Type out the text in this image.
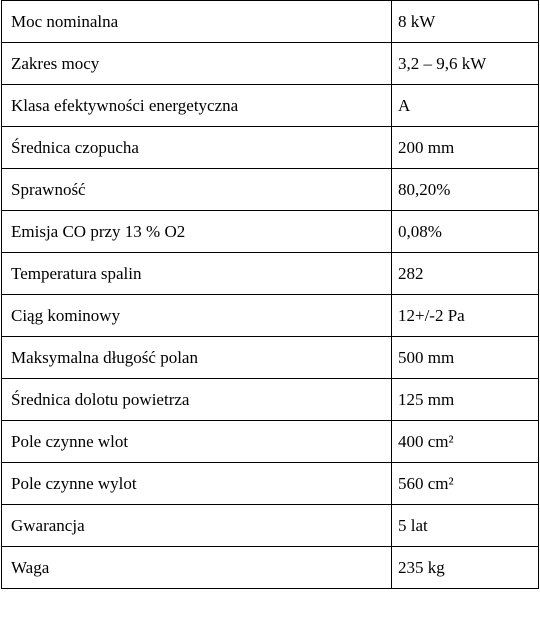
Moc nominalna	8 kW
Zakres mocy	3,2 – 9,6 kW
Klasa efektywności energetyczna	A
Średnica czopucha	200 mm
Sprawność	80,20%
Emisja CO przy 13 % O2	0,08%
Temperatura spalin	282
Ciąg kominowy	12+/-2 Pa
Maksymalna długość polan	500 mm
Średnica dolotu powietrza	125 mm
Pole czynne wlot	400 cm²
Pole czynne wylot	560 cm²
Gwarancja	5 lat
Waga	235 kg
